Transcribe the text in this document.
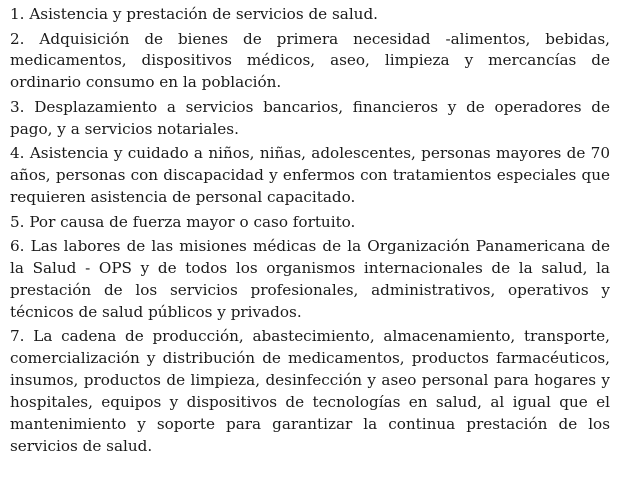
1. Asistencia y prestación de servicios de salud.

2. Adquisición de bienes de primera necesidad -alimentos, bebidas, medicamentos, dispositivos médicos, aseo, limpieza y mercancías de ordinario consumo en la población.

3. Desplazamiento a servicios bancarios, financieros y de operadores de pago, y a servicios notariales.

4. Asistencia y cuidado a niños, niñas, adolescentes, personas mayores de 70 años, personas con discapacidad y enfermos con tratamientos especiales que requieren asistencia de personal capacitado.

5. Por causa de fuerza mayor o caso fortuito.

6. Las labores de las misiones médicas de la Organización Panamericana de la Salud - OPS y de todos los organismos internacionales de la salud, la prestación de los servicios profesionales, administrativos, operativos y técnicos de salud públicos y privados.

7. La cadena de producción, abastecimiento, almacenamiento, transporte, comercialización y distribución de medicamentos, productos farmacéuticos, insumos, productos de limpieza, desinfección y aseo personal para hogares y hospitales, equipos y dispositivos de tecnologías en salud, al igual que el mantenimiento y soporte para garantizar la continua prestación de los servicios de salud.
